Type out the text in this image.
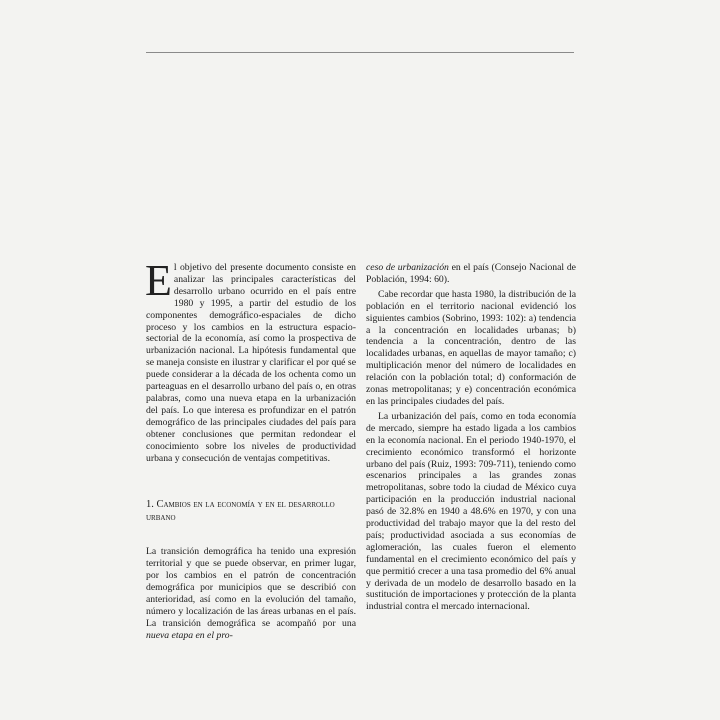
El objetivo del presente documento consiste en analizar las principales características del desarrollo urbano ocurrido en el país entre 1980 y 1995, a partir del estudio de los componentes demográfico-espaciales de dicho proceso y los cambios en la estructura espacio-sectorial de la economía, así como la prospectiva de urbanización nacional. La hipótesis fundamental que se maneja consiste en ilustrar y clarificar el por qué se puede considerar a la década de los ochenta como un parteaguas en el desarrollo urbano del país o, en otras palabras, como una nueva etapa en la urbanización del país. Lo que interesa es profundizar en el patrón demográfico de las principales ciudades del país para obtener conclusiones que permitan redondear el conocimiento sobre los niveles de productividad urbana y consecución de ventajas competitivas.

1. Cambios en la economía y en el desarrollo urbano

La transición demográfica ha tenido una expresión territorial y que se puede observar, en primer lugar, por los cambios en el patrón de concentración demográfica por municipios que se describió con anterioridad, así como en la evolución del tamaño, número y localización de las áreas urbanas en el país. La transición demográfica se acompañó por una nueva etapa en el pro-

ceso de urbanización en el país (Consejo Nacional de Población, 1994: 60).

Cabe recordar que hasta 1980, la distribución de la población en el territorio nacional evidenció los siguientes cambios (Sobrino, 1993: 102): a) tendencia a la concentración en localidades urbanas; b) tendencia a la concentración, dentro de las localidades urbanas, en aquellas de mayor tamaño; c) multiplicación menor del número de localidades en relación con la población total; d) conformación de zonas metropolitanas; y e) concentración económica en las principales ciudades del país.

La urbanización del país, como en toda economía de mercado, siempre ha estado ligada a los cambios en la economía nacional. En el periodo 1940-1970, el crecimiento económico transformó el horizonte urbano del país (Ruiz, 1993: 709-711), teniendo como escenarios principales a las grandes zonas metropolitanas, sobre todo la ciudad de México cuya participación en la producción industrial nacional pasó de 32.8% en 1940 a 48.6% en 1970, y con una productividad del trabajo mayor que la del resto del país; productividad asociada a sus economías de aglomeración, las cuales fueron el elemento fundamental en el crecimiento económico del país y que permitió crecer a una tasa promedio del 6% anual y derivada de un modelo de desarrollo basado en la sustitución de importaciones y protección de la planta industrial contra el mercado internacional.
